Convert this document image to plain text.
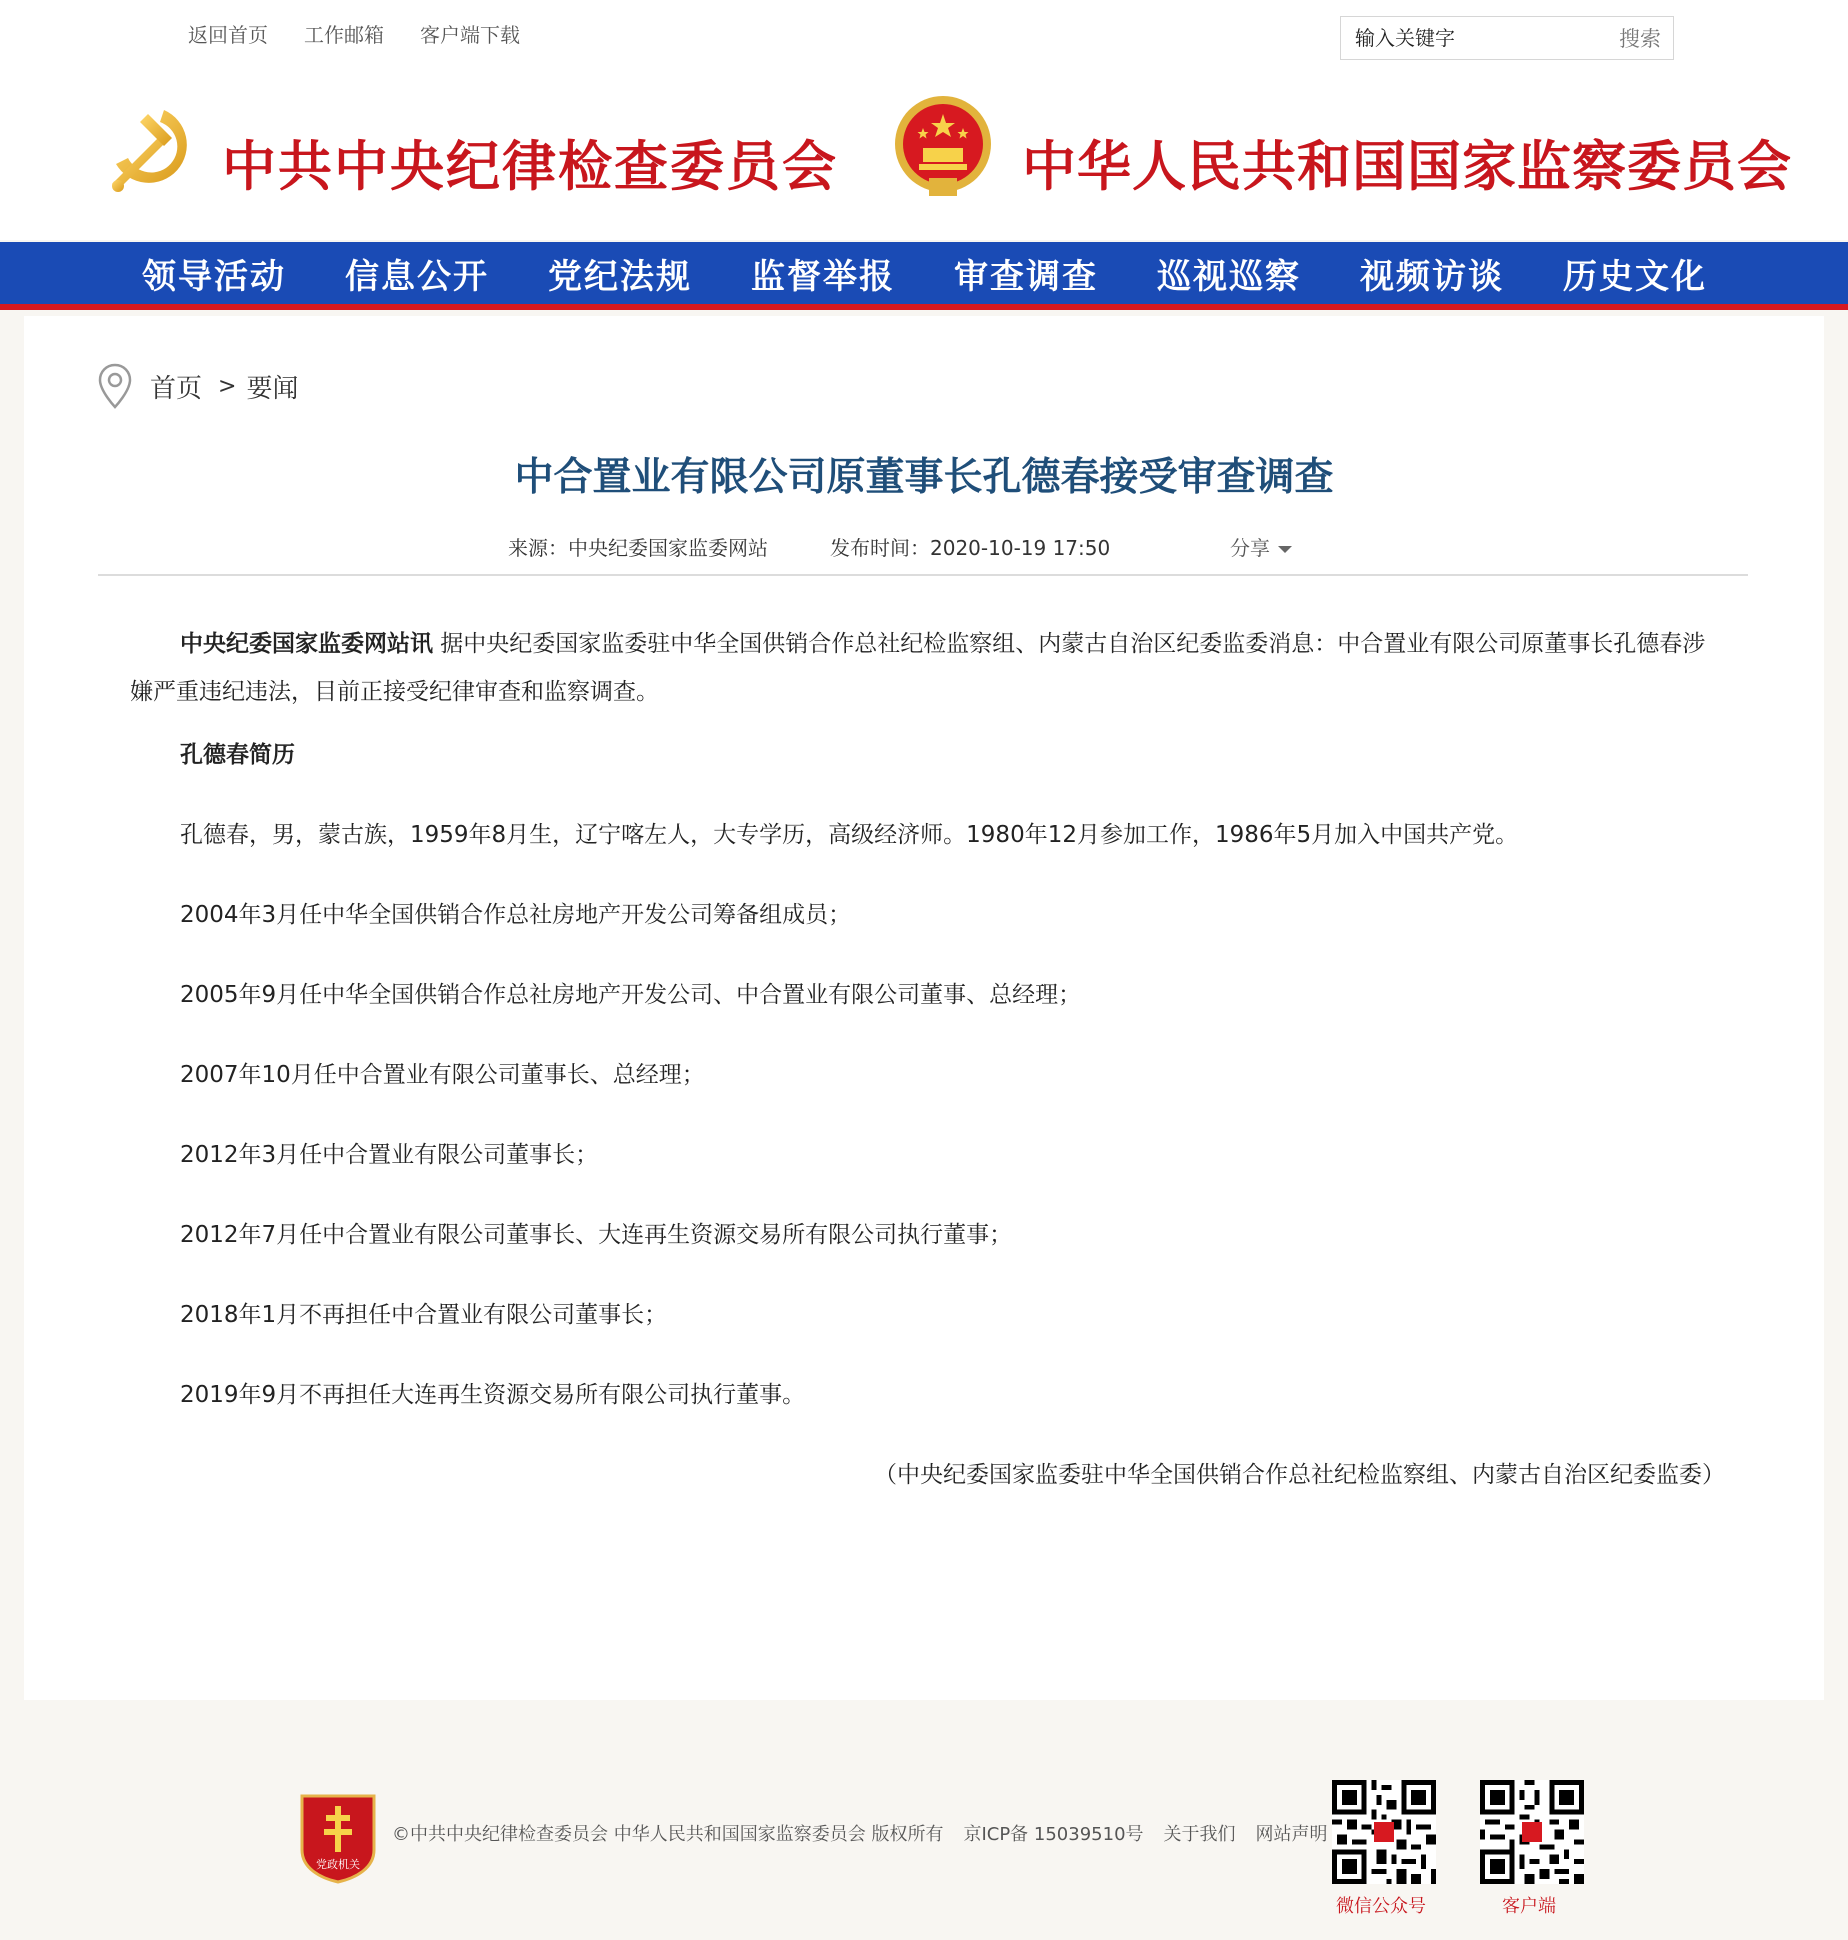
返回首页 工作邮箱 客户端下载
输入关键字	搜索
中共中央纪律检查委员会	中华人民共和国国家监察委员会
领导活动	信息公开	党纪法规	监督举报	审查调查	巡视巡察	视频访谈	历史文化
首页 > 要闻
中合置业有限公司原董事长孔德春接受审查调查
来源：中央纪委国家监委网站	发布时间：2020-10-19 17:50	分享

中央纪委国家监委网站讯 据中央纪委国家监委驻中华全国供销合作总社纪检监察组、内蒙古自治区纪委监委消息：中合置业有限公司原董事长孔德春涉嫌严重违纪违法，目前正接受纪律审查和监察调查。

孔德春简历

孔德春，男，蒙古族，1959年8月生，辽宁喀左人，大专学历，高级经济师。1980年12月参加工作，1986年5月加入中国共产党。

2004年3月任中华全国供销合作总社房地产开发公司筹备组成员；

2005年9月任中华全国供销合作总社房地产开发公司、中合置业有限公司董事、总经理；

2007年10月任中合置业有限公司董事长、总经理；

2012年3月任中合置业有限公司董事长；

2012年7月任中合置业有限公司董事长、大连再生资源交易所有限公司执行董事；

2018年1月不再担任中合置业有限公司董事长；

2019年9月不再担任大连再生资源交易所有限公司执行董事。

（中央纪委国家监委驻中华全国供销合作总社纪检监察组、内蒙古自治区纪委监委）

党政机关
©中共中央纪律检查委员会 中华人民共和国国家监察委员会 版权所有 京ICP备 15039510号 关于我们 网站声明
微信公众号	客户端
